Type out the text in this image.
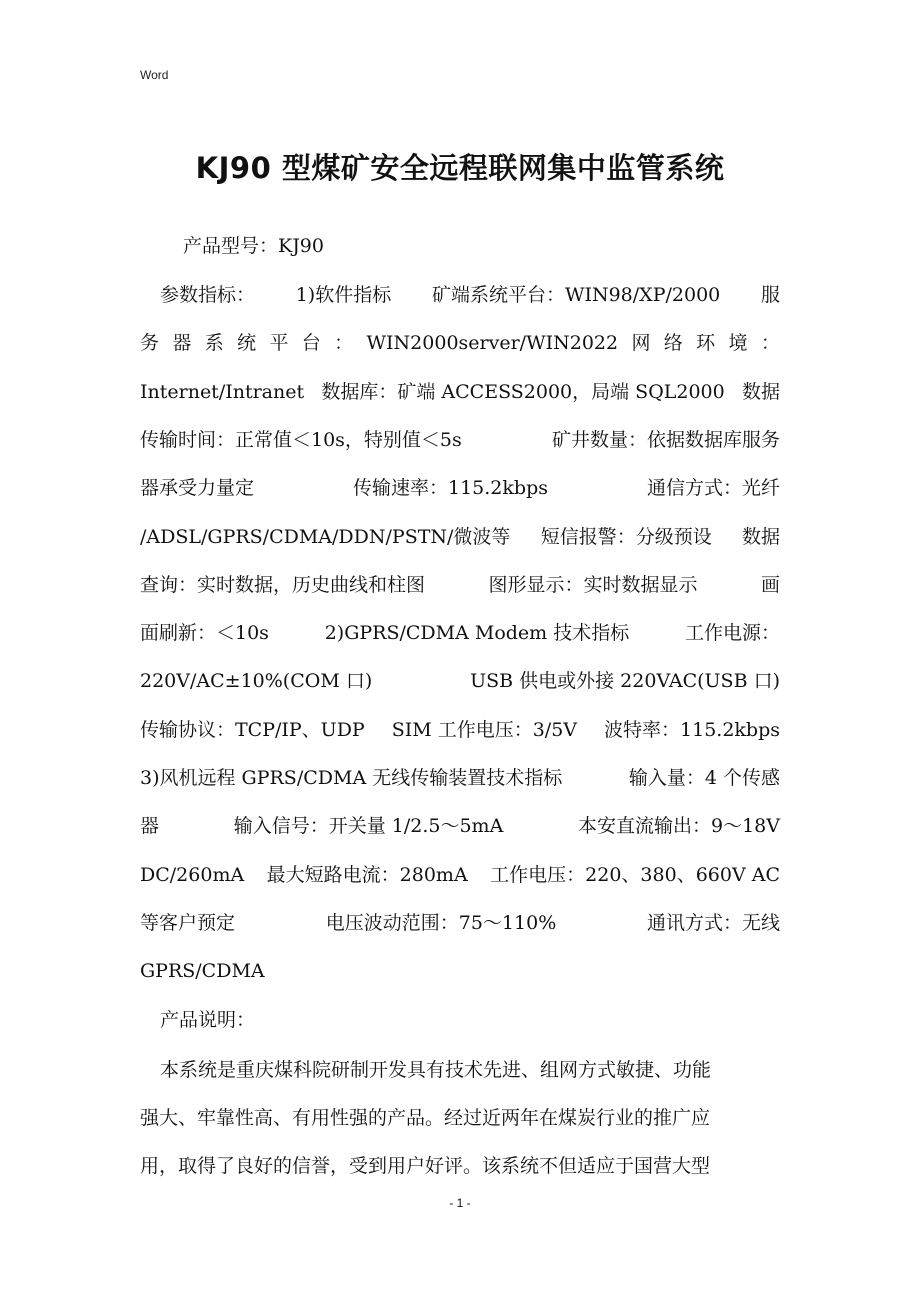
Word
KJ90 型煤矿安全远程联网集中监管系统
产品型号：KJ90
参数指标： 1)软件指标 矿端系统平台：WIN98/XP/2000 服
务 器 系 统 平 台 ： WIN2000server/WIN2022 网 络 环 境 ：
Internet/Intranet 数据库：矿端 ACCESS2000，局端 SQL2000 数据
传输时间：正常值＜10s，特别值＜5s	矿井数量：依据数据库服务
器承受力量定	传输速率：115.2kbps	通信方式：光纤
/ADSL/GPRS/CDMA/DDN/PSTN/微波等 短信报警：分级预设 数据
查询：实时数据，历史曲线和柱图	图形显示：实时数据显示	画
面刷新：＜10s	2)GPRS/CDMA Modem 技术指标	工作电源：
220V/AC±10%(COM 口)	USB 供电或外接 220VAC(USB 口)
传输协议：TCP/IP、UDP SIM 工作电压：3/5V 波特率：115.2kbps
3)风机远程 GPRS/CDMA 无线传输装置技术指标	输入量：4 个传感
器	输入信号：开关量 1/2.5～5mA	本安直流输出：9～18V
DC/260mA 最大短路电流：280mA 工作电压：220、380、660V AC
等客户预定	电压波动范围：75～110%	通讯方式：无线
GPRS/CDMA
产品说明：
本系统是重庆煤科院研制开发具有技术先进、组网方式敏捷、功能
强大、牢靠性高、有用性强的产品。经过近两年在煤炭行业的推广应
用，取得了良好的信誉，受到用户好评。该系统不但适应于国营大型
- 1 -
